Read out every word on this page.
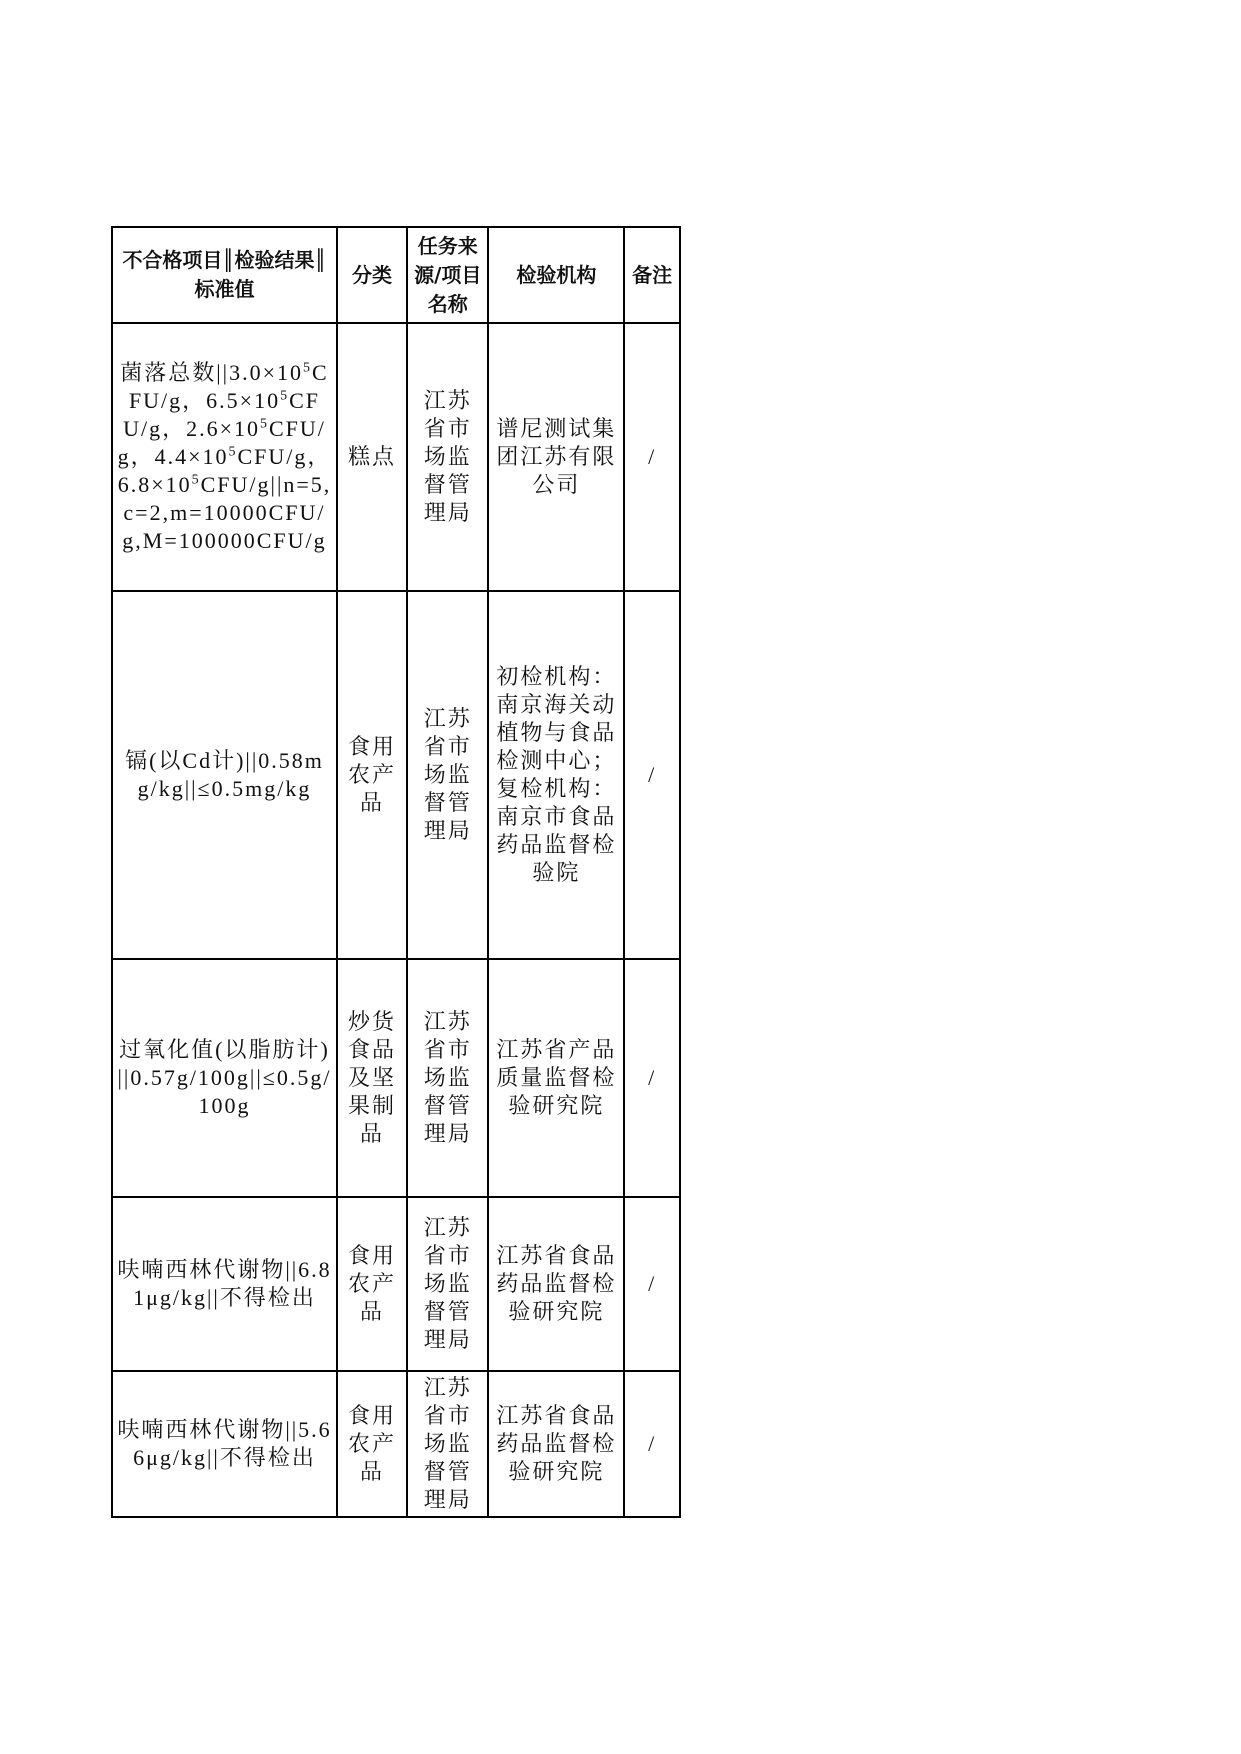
不合格项目║检验结果║标准值	分类	任务来源/项目名称	检验机构	备注
菌落总数$||3.0\times 10^5CFU/g$，$6.5\times 10^5CFU/g$，$2.6\times 10^5CFU/g$，$4.4\times 10^5CFU/g$，$6.8\times 10^5CFU/g||n=5,c=2,m=10000CFU/g,M=100000CFU/g$	糕点	江苏省市场监督管理局	谱尼测试集团江苏有限公司	/
镉(以Cd计)||0.58mg/kg||≤0.5mg/kg	食用农产品	江苏省市场监督管理局	初检机构：南京海关动植物与食品检测中心；复检机构：南京市食品药品监督检验院	/
过氧化值(以脂肪计)||0.57g/100g||≤0.5g/100g	炒货食品及坚果制品	江苏省市场监督管理局	江苏省产品质量监督检验研究院	/
呋喃西林代谢物||6.81μg/kg||不得检出	食用农产品	江苏省市场监督管理局	江苏省食品药品监督检验研究院	/
呋喃西林代谢物||5.66μg/kg||不得检出	食用农产品	江苏省市场监督管理局	江苏省食品药品监督检验研究院	/
